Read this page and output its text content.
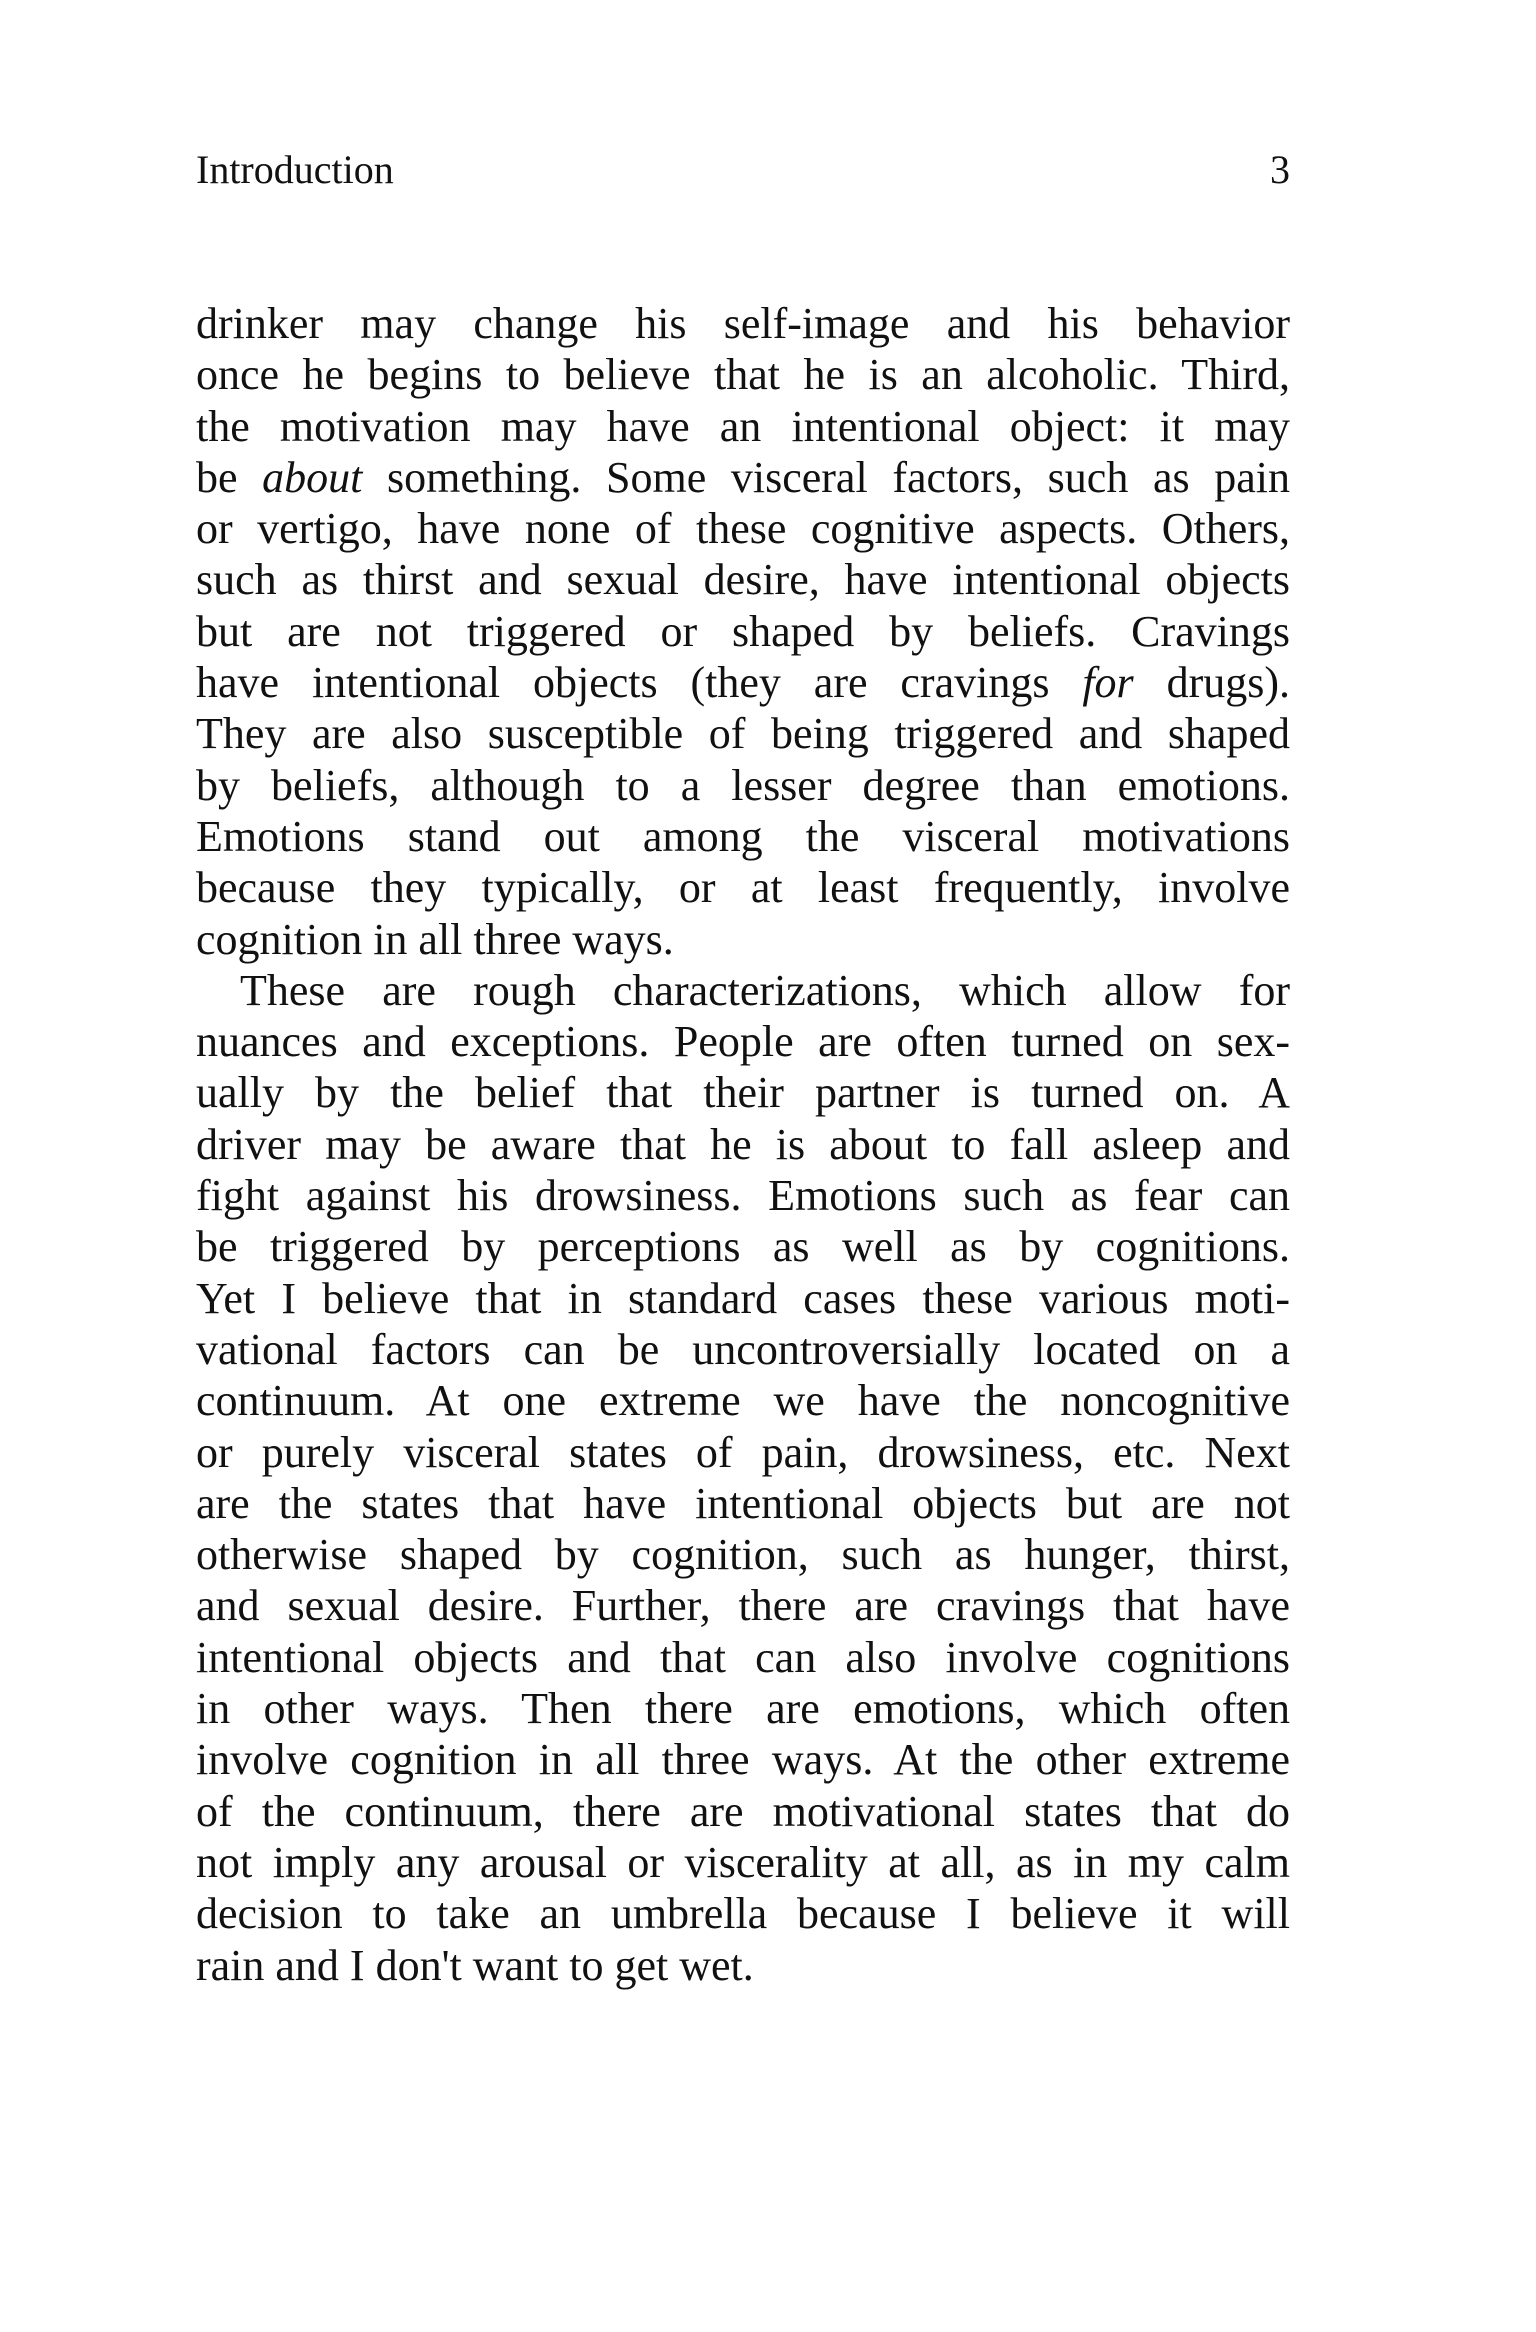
Introduction	3
drinker may change his self-image and his behavior
once he begins to believe that he is an alcoholic. Third,
the motivation may have an intentional object: it may
be about something. Some visceral factors, such as pain
or vertigo, have none of these cognitive aspects. Others,
such as thirst and sexual desire, have intentional objects
but are not triggered or shaped by beliefs. Cravings
have intentional objects (they are cravings for drugs).
They are also susceptible of being triggered and shaped
by beliefs, although to a lesser degree than emotions.
Emotions stand out among the visceral motivations
because they typically, or at least frequently, involve
cognition in all three ways.
These are rough characterizations, which allow for
nuances and exceptions. People are often turned on sex-
ually by the belief that their partner is turned on. A
driver may be aware that he is about to fall asleep and
fight against his drowsiness. Emotions such as fear can
be triggered by perceptions as well as by cognitions.
Yet I believe that in standard cases these various moti-
vational factors can be uncontroversially located on a
continuum. At one extreme we have the noncognitive
or purely visceral states of pain, drowsiness, etc. Next
are the states that have intentional objects but are not
otherwise shaped by cognition, such as hunger, thirst,
and sexual desire. Further, there are cravings that have
intentional objects and that can also involve cognitions
in other ways. Then there are emotions, which often
involve cognition in all three ways. At the other extreme
of the continuum, there are motivational states that do
not imply any arousal or viscerality at all, as in my calm
decision to take an umbrella because I believe it will
rain and I don't want to get wet.
